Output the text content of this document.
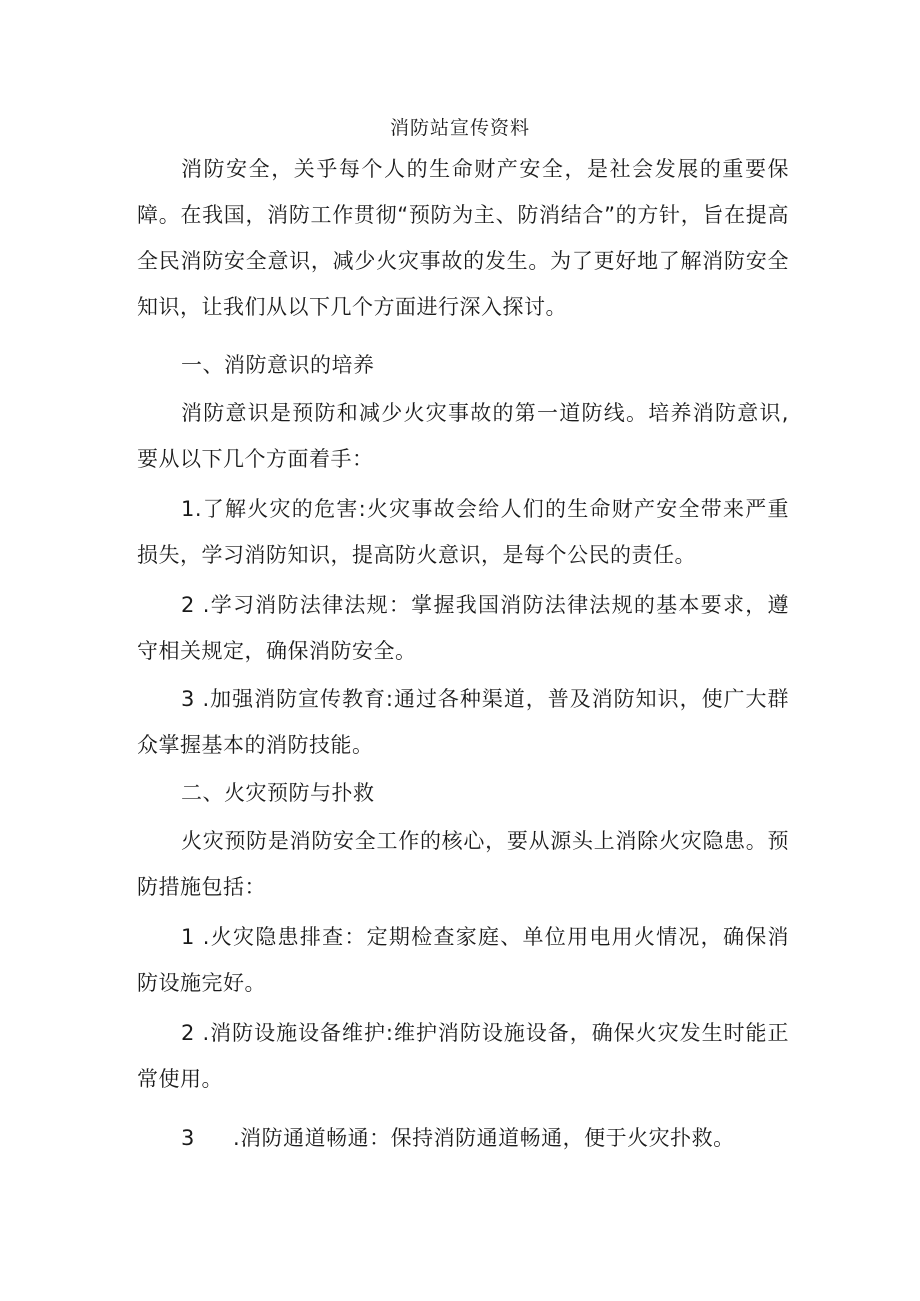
消防站宣传资料

消防安全，关乎每个人的生命财产安全，是社会发展的重要保障。在我国，消防工作贯彻“预防为主、防消结合”的方针，旨在提高全民消防安全意识，减少火灾事故的发生。为了更好地了解消防安全知识，让我们从以下几个方面进行深入探讨。

一、消防意识的培养

消防意识是预防和减少火灾事故的第一道防线。培养消防意识,要从以下几个方面着手：

1.了解火灾的危害:火灾事故会给人们的生命财产安全带来严重损失，学习消防知识，提高防火意识，是每个公民的责任。

2 .学习消防法律法规：掌握我国消防法律法规的基本要求，遵守相关规定，确保消防安全。

3 .加强消防宣传教育:通过各种渠道，普及消防知识，使广大群众掌握基本的消防技能。

二、火灾预防与扑救

火灾预防是消防安全工作的核心，要从源头上消除火灾隐患。预防措施包括：

1 .火灾隐患排查：定期检查家庭、单位用电用火情况，确保消防设施完好。

2 .消防设施设备维护:维护消防设施设备，确保火灾发生时能正常使用。

3 .消防通道畅通：保持消防通道畅通，便于火灾扑救。
